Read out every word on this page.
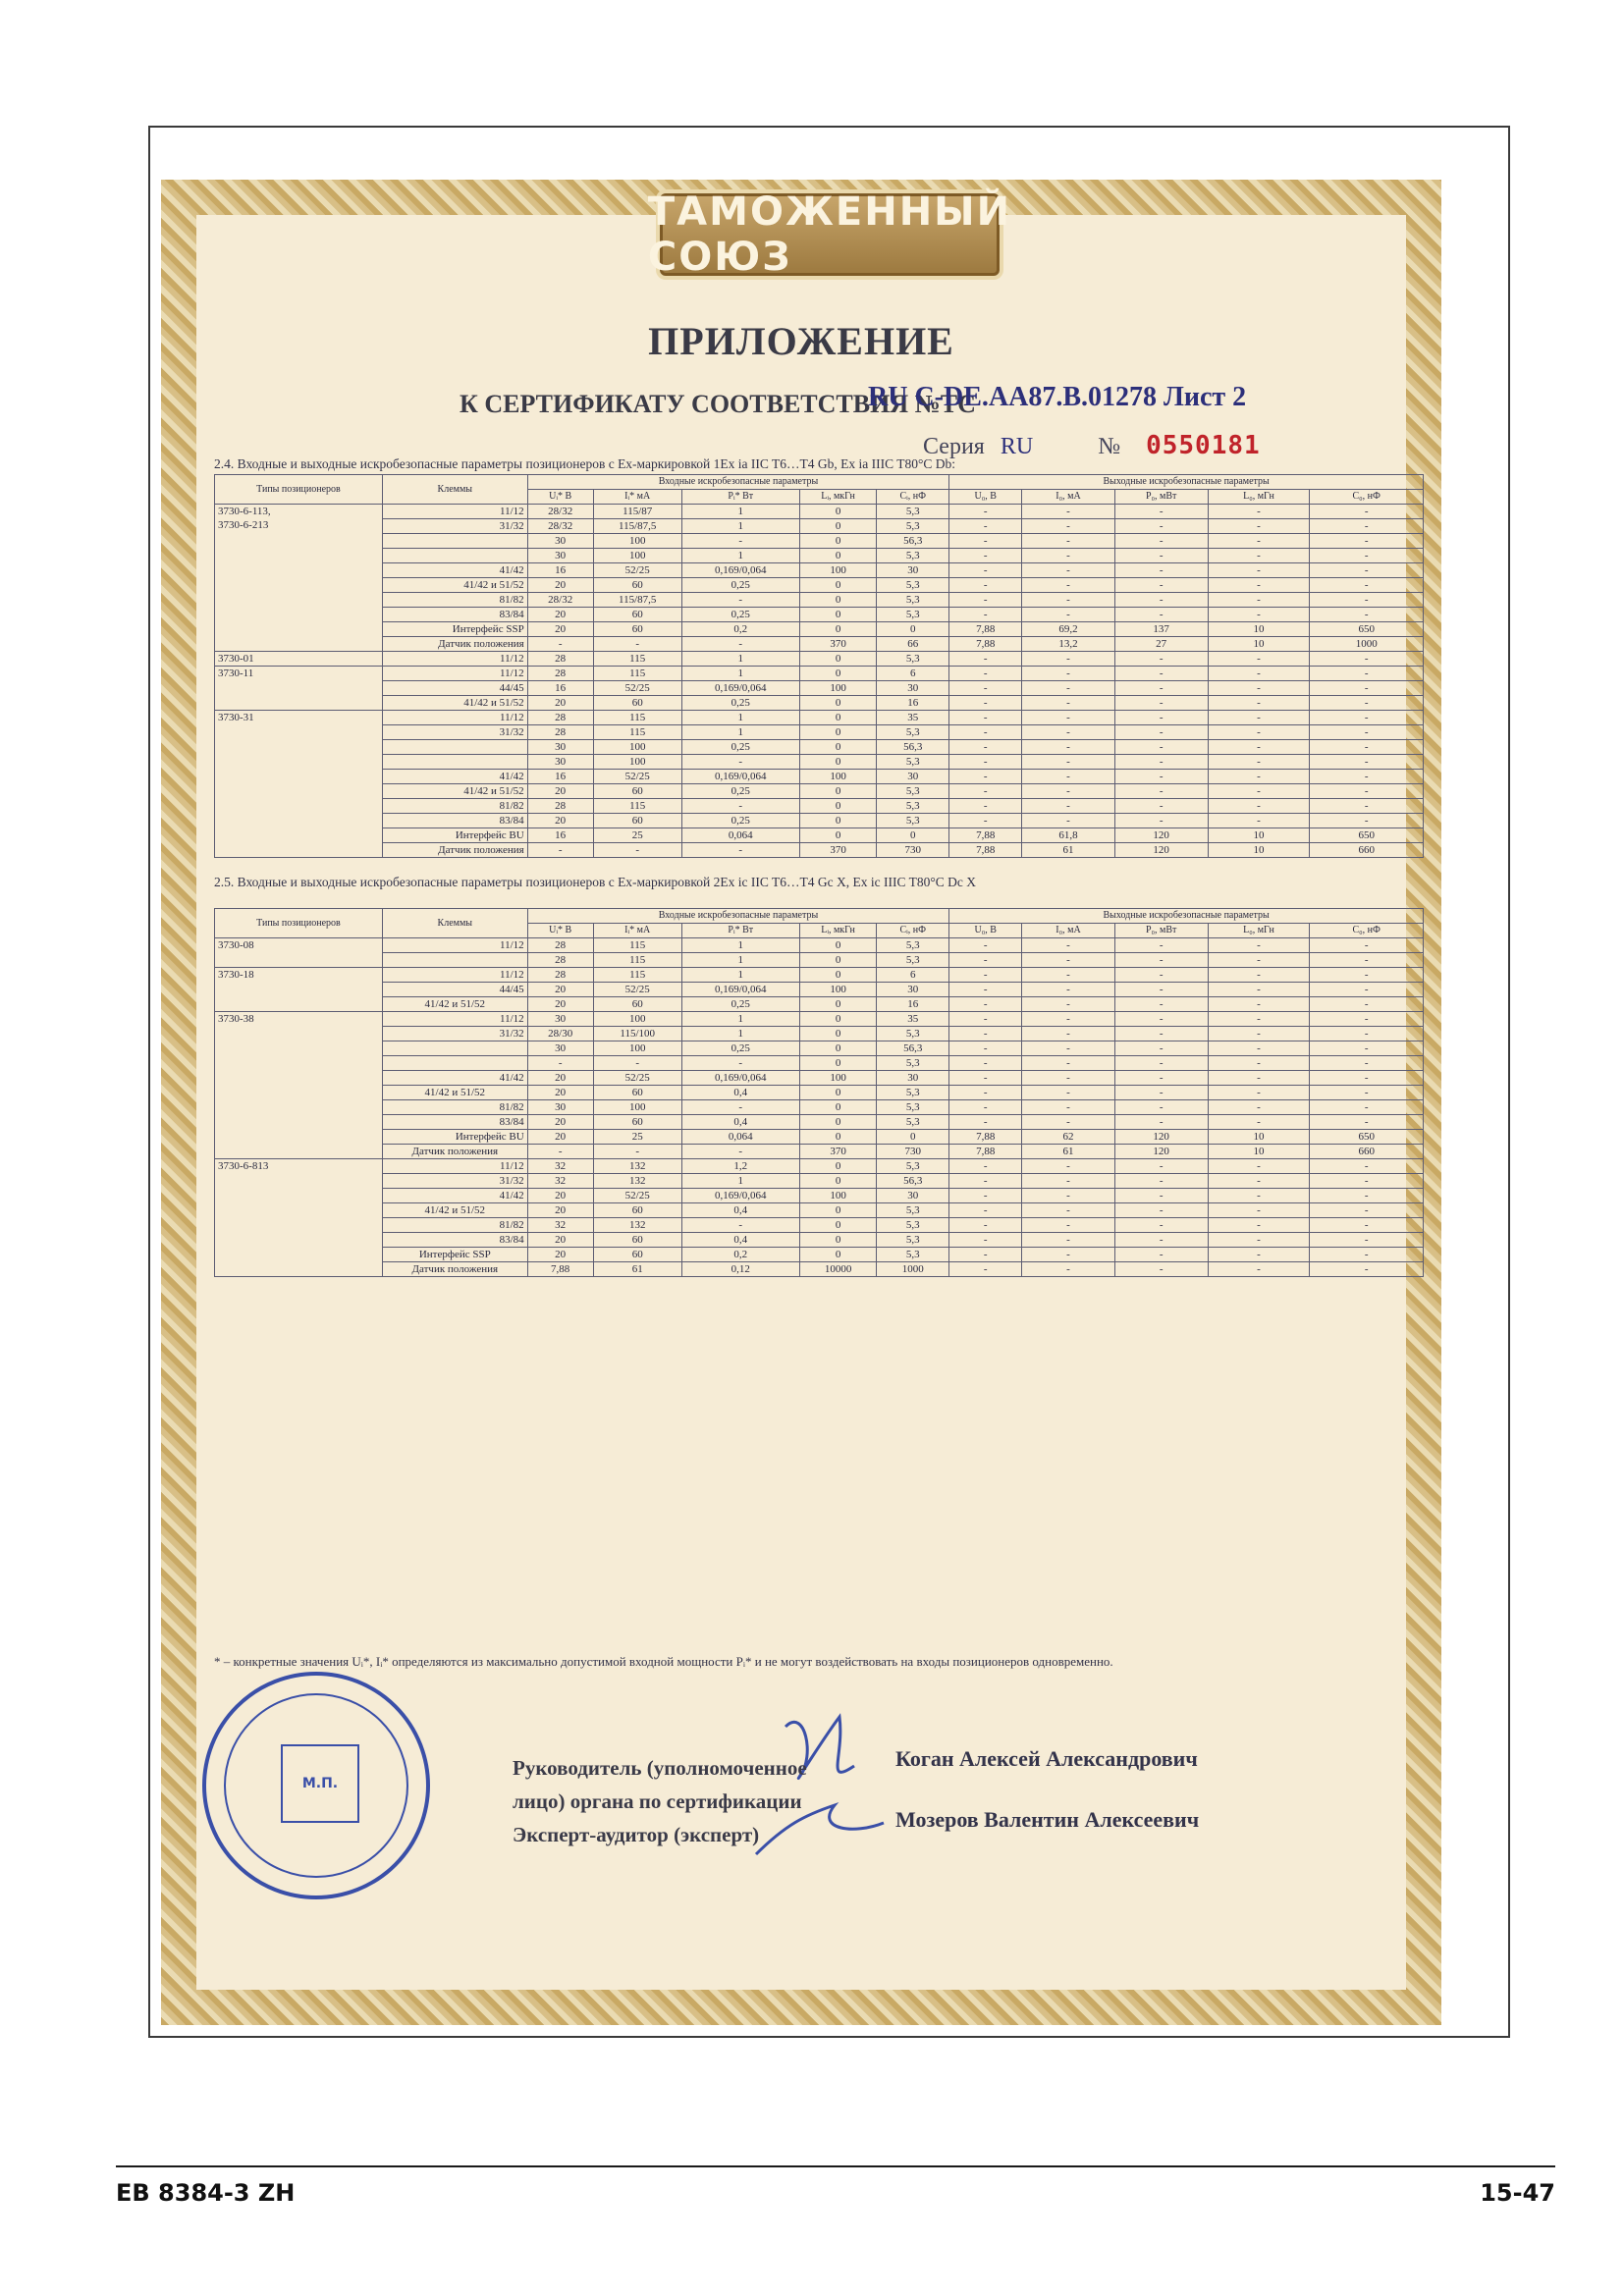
ТАМОЖЕННЫЙ СОЮЗ
ПРИЛОЖЕНИЕ
К СЕРТИФИКАТУ СООТВЕТСТВИЯ №ТС
RU C-DE.AA87.B.01278 Лист 2
Серия RU	№ 0550181
2.4. Входные и выходные искробезопасные параметры позиционеров с Ex-маркировкой 1Ex ia IIC T6…T4 Gb, Ex ia IIIC T80°C Db:
Типы позиционеров	Клеммы	Входные искробезопасные параметры					Выходные искробезопасные параметры				
		Uᵢ* B	Iᵢ* мА	Pᵢ* Вт	Lᵢ, мкГн	Cᵢ, нФ	U₀, B	I₀, мА	P₀, мВт	L₀, мГн	C₀, нФ
3730-6-113,
3730-6-213	11/12	28/32	115/87	1	0	5,3	-	-	-	-	-
	31/32	28/32	115/87,5	1	0	5,3	-	-	-	-	-
		30	100	-	0	56,3	-	-	-	-	-
		30	100	1	0	5,3	-	-	-	-	-
	41/42	16	52/25	0,169/0,064	100	30	-	-	-	-	-
	41/42 и 51/52	20	60	0,25	0	5,3	-	-	-	-	-
	81/82	28/32	115/87,5	-	0	5,3	-	-	-	-	-
	83/84	20	60	0,25	0	5,3	-	-	-	-	-
	Интерфейс SSP	20	60	0,2	0	0	7,88	69,2	137	10	650
	Датчик положения	-	-	-	370	66	7,88	13,2	27	10	1000
3730-01	11/12	28	115	1	0	5,3	-	-	-	-	-
3730-11	11/12	28	115	1	0	6	-	-	-	-	-
	44/45	16	52/25	0,169/0,064	100	30	-	-	-	-	-
	41/42 и 51/52	20	60	0,25	0	16	-	-	-	-	-
3730-31	11/12	28	115	1	0	35	-	-	-	-	-
	31/32	28	115	1	0	5,3	-	-	-	-	-
		30	100	0,25	0	56,3	-	-	-	-	-
		30	100	-	0	5,3	-	-	-	-	-
	41/42	16	52/25	0,169/0,064	100	30	-	-	-	-	-
	41/42 и 51/52	20	60	0,25	0	5,3	-	-	-	-	-
	81/82	28	115	-	0	5,3	-	-	-	-	-
	83/84	20	60	0,25	0	5,3	-	-	-	-	-
	Интерфейс BU	16	25	0,064	0	0	7,88	61,8	120	10	650
	Датчик положения	-	-	-	370	730	7,88	61	120	10	660
2.5. Входные и выходные искробезопасные параметры позиционеров с Ex-маркировкой 2Ex ic IIC T6…T4 Gc X, Ex ic IIIC T80°C Dc X
Типы позиционеров	Клеммы	Входные искробезопасные параметры					Выходные искробезопасные параметры				
		Uᵢ* B	Iᵢ* мА	Pᵢ* Вт	Lᵢ, мкГн	Cᵢ, нФ	U₀, B	I₀, мА	P₀, мВт	L₀, мГн	C₀, нФ
3730-08	11/12	28	115	1	0	5,3	-	-	-	-	-
		28	115	1	0	5,3	-	-	-	-	-
3730-18	11/12	28	115	1	0	6	-	-	-	-	-
	44/45	20	52/25	0,169/0,064	100	30	-	-	-	-	-
	41/42 и 51/52	20	60	0,25	0	16	-	-	-	-	-
3730-38	11/12	30	100	1	0	35	-	-	-	-	-
	31/32	28/30	115/100	1	0	5,3	-	-	-	-	-
		30	100	0,25	0	56,3	-	-	-	-	-
		-	-	-	0	5,3	-	-	-	-	-
	41/42	20	52/25	0,169/0,064	100	30	-	-	-	-	-
	41/42 и 51/52	20	60	0,4	0	5,3	-	-	-	-	-
	81/82	30	100	-	0	5,3	-	-	-	-	-
	83/84	20	60	0,4	0	5,3	-	-	-	-	-
	Интерфейс BU	20	25	0,064	0	0	7,88	62	120	10	650
	Датчик положения	-	-	-	370	730	7,88	61	120	10	660
3730-6-813	11/12	32	132	1,2	0	5,3	-	-	-	-	-
	31/32	32	132	1	0	56,3	-	-	-	-	-
	41/42	20	52/25	0,169/0,064	100	30	-	-	-	-	-
	41/42 и 51/52	20	60	0,4	0	5,3	-	-	-	-	-
	81/82	32	132	-	0	5,3	-	-	-	-	-
	83/84	20	60	0,4	0	5,3	-	-	-	-	-
	Интерфейс SSP	20	60	0,2	0	5,3	-	-	-	-	-
	Датчик положения	7,88	61	0,12	10000	1000	-	-	-	-	-
* – конкретные значения Uᵢ*, Iᵢ* определяются из максимально допустимой входной мощности Pᵢ* и не могут воздействовать на входы позиционеров одновременно.
М.П.
Руководитель (уполномоченное
лицо) органа по сертификации
Эксперт-аудитор (эксперт)
Коган Алексей Александрович
Мозеров Валентин Алексеевич
EB 8384-3 ZH	15-47
